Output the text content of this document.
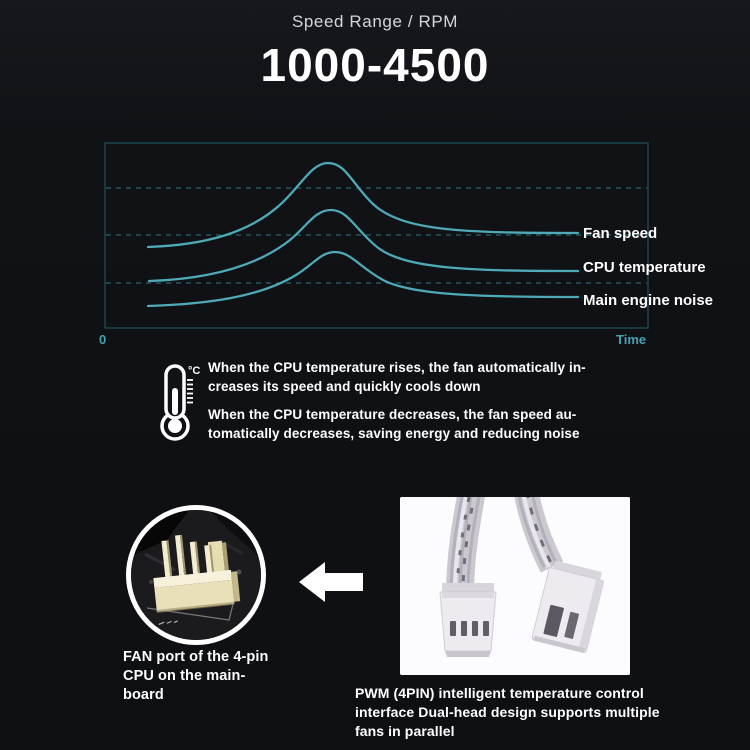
Speed Range / RPM
1000-4500
Fan speed
CPU temperature
Main engine noise
0	Time
°C When the CPU temperature rises, the fan automatically in-
creases its speed and quickly cools down
When the CPU temperature decreases, the fan speed au-
tomatically decreases, saving energy and reducing noise
FAN port of the 4-pin
CPU on the main-
board	PWM (4PIN) intelligent temperature control
interface Dual-head design supports multiple
fans in parallel
